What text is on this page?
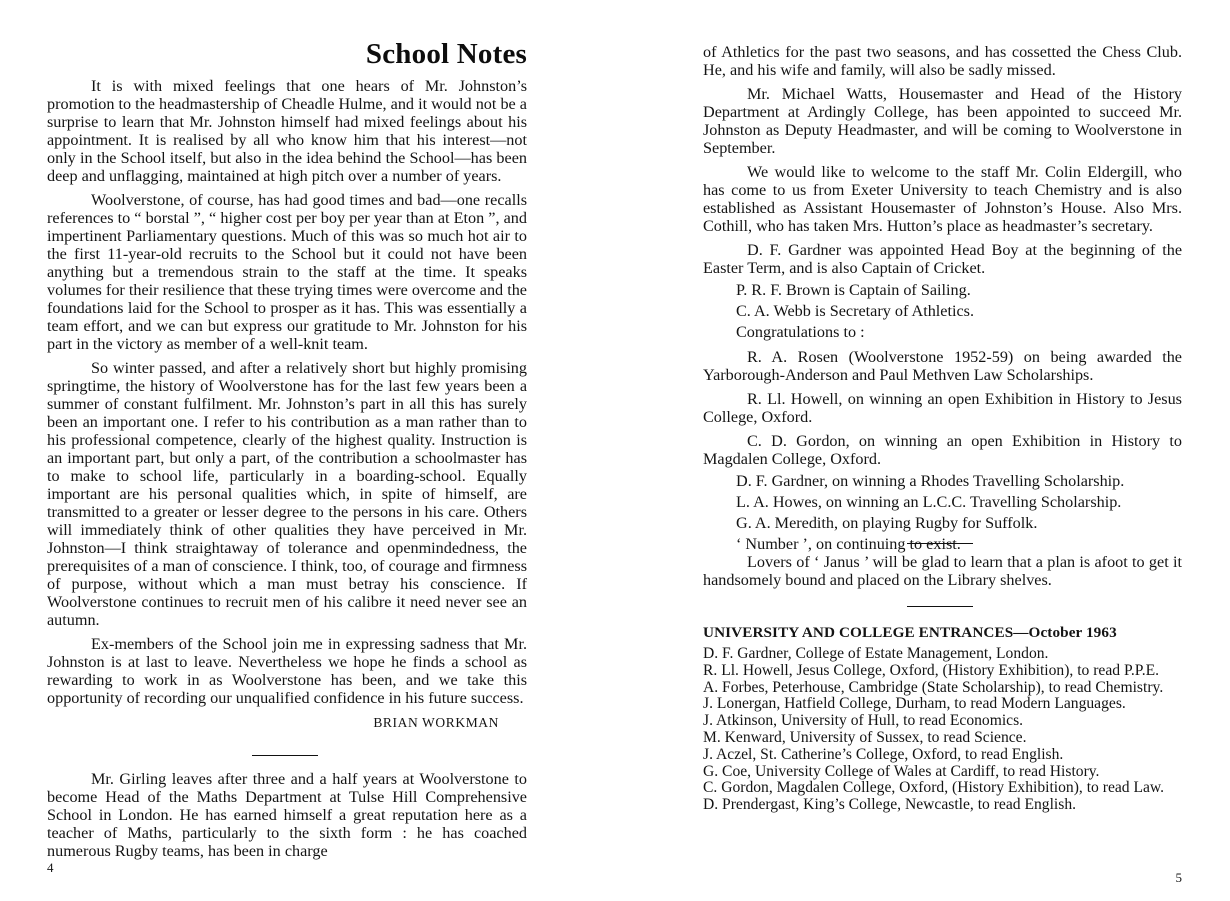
School Notes

It is with mixed feelings that one hears of Mr. Johnston’s promotion to the headmastership of Cheadle Hulme, and it would not be a surprise to learn that Mr. Johnston himself had mixed feelings about his appointment. It is realised by all who know him that his interest—not only in the School itself, but also in the idea behind the School—has been deep and unflagging, maintained at high pitch over a number of years.

Woolverstone, of course, has had good times and bad—one recalls references to “ borstal ”, “ higher cost per boy per year than at Eton ”, and impertinent Parliamentary questions. Much of this was so much hot air to the first 11-year-old recruits to the School but it could not have been anything but a tremendous strain to the staff at the time. It speaks volumes for their resilience that these trying times were overcome and the foundations laid for the School to prosper as it has. This was essentially a team effort, and we can but express our gratitude to Mr. Johnston for his part in the victory as member of a well-knit team.

So winter passed, and after a relatively short but highly promising springtime, the history of Woolverstone has for the last few years been a summer of constant fulfilment. Mr. Johnston’s part in all this has surely been an important one. I refer to his contribution as a man rather than to his professional competence, clearly of the highest quality. Instruction is an important part, but only a part, of the contribution a schoolmaster has to make to school life, particularly in a boarding-school. Equally important are his personal qualities which, in spite of himself, are transmitted to a greater or lesser degree to the persons in his care. Others will immediately think of other qualities they have perceived in Mr. Johnston—I think straightaway of tolerance and openmindedness, the prerequisites of a man of conscience. I think, too, of courage and firmness of purpose, without which a man must betray his conscience. If Woolverstone continues to recruit men of his calibre it need never see an autumn.

Ex-members of the School join me in expressing sadness that Mr. Johnston is at last to leave. Nevertheless we hope he finds a school as rewarding to work in as Woolverstone has been, and we take this opportunity of recording our unqualified confidence in his future success.

BRIAN WORKMAN

Mr. Girling leaves after three and a half years at Woolverstone to become Head of the Maths Department at Tulse Hill Comprehensive School in London. He has earned himself a great reputation here as a teacher of Maths, particularly to the sixth form : he has coached numerous Rugby teams, has been in charge

4

of Athletics for the past two seasons, and has cossetted the Chess Club. He, and his wife and family, will also be sadly missed.

Mr. Michael Watts, Housemaster and Head of the History Department at Ardingly College, has been appointed to succeed Mr. Johnston as Deputy Headmaster, and will be coming to Woolverstone in September.

We would like to welcome to the staff Mr. Colin Eldergill, who has come to us from Exeter University to teach Chemistry and is also established as Assistant Housemaster of Johnston’s House. Also Mrs. Cothill, who has taken Mrs. Hutton’s place as headmaster’s secretary.

D. F. Gardner was appointed Head Boy at the beginning of the Easter Term, and is also Captain of Cricket.

P. R. F. Brown is Captain of Sailing.

C. A. Webb is Secretary of Athletics.

Congratulations to :

R. A. Rosen (Woolverstone 1952-59) on being awarded the Yarborough-Anderson and Paul Methven Law Scholarships.

R. Ll. Howell, on winning an open Exhibition in History to Jesus College, Oxford.

C. D. Gordon, on winning an open Exhibition in History to Magdalen College, Oxford.

D. F. Gardner, on winning a Rhodes Travelling Scholarship.

L. A. Howes, on winning an L.C.C. Travelling Scholarship.

G. A. Meredith, on playing Rugby for Suffolk.

‘ Number ’, on continuing to exist.

Lovers of ‘ Janus ’ will be glad to learn that a plan is afoot to get it handsomely bound and placed on the Library shelves.

UNIVERSITY AND COLLEGE ENTRANCES—October 1963

D. F. Gardner, College of Estate Management, London.
R. Ll. Howell, Jesus College, Oxford, (History Exhibition), to read P.P.E.
A. Forbes, Peterhouse, Cambridge (State Scholarship), to read Chemistry.
J. Lonergan, Hatfield College, Durham, to read Modern Languages.
J. Atkinson, University of Hull, to read Economics.
M. Kenward, University of Sussex, to read Science.
J. Aczel, St. Catherine’s College, Oxford, to read English.
G. Coe, University College of Wales at Cardiff, to read History.
C. Gordon, Magdalen College, Oxford, (History Exhibition), to read Law.
D. Prendergast, King’s College, Newcastle, to read English.
5
